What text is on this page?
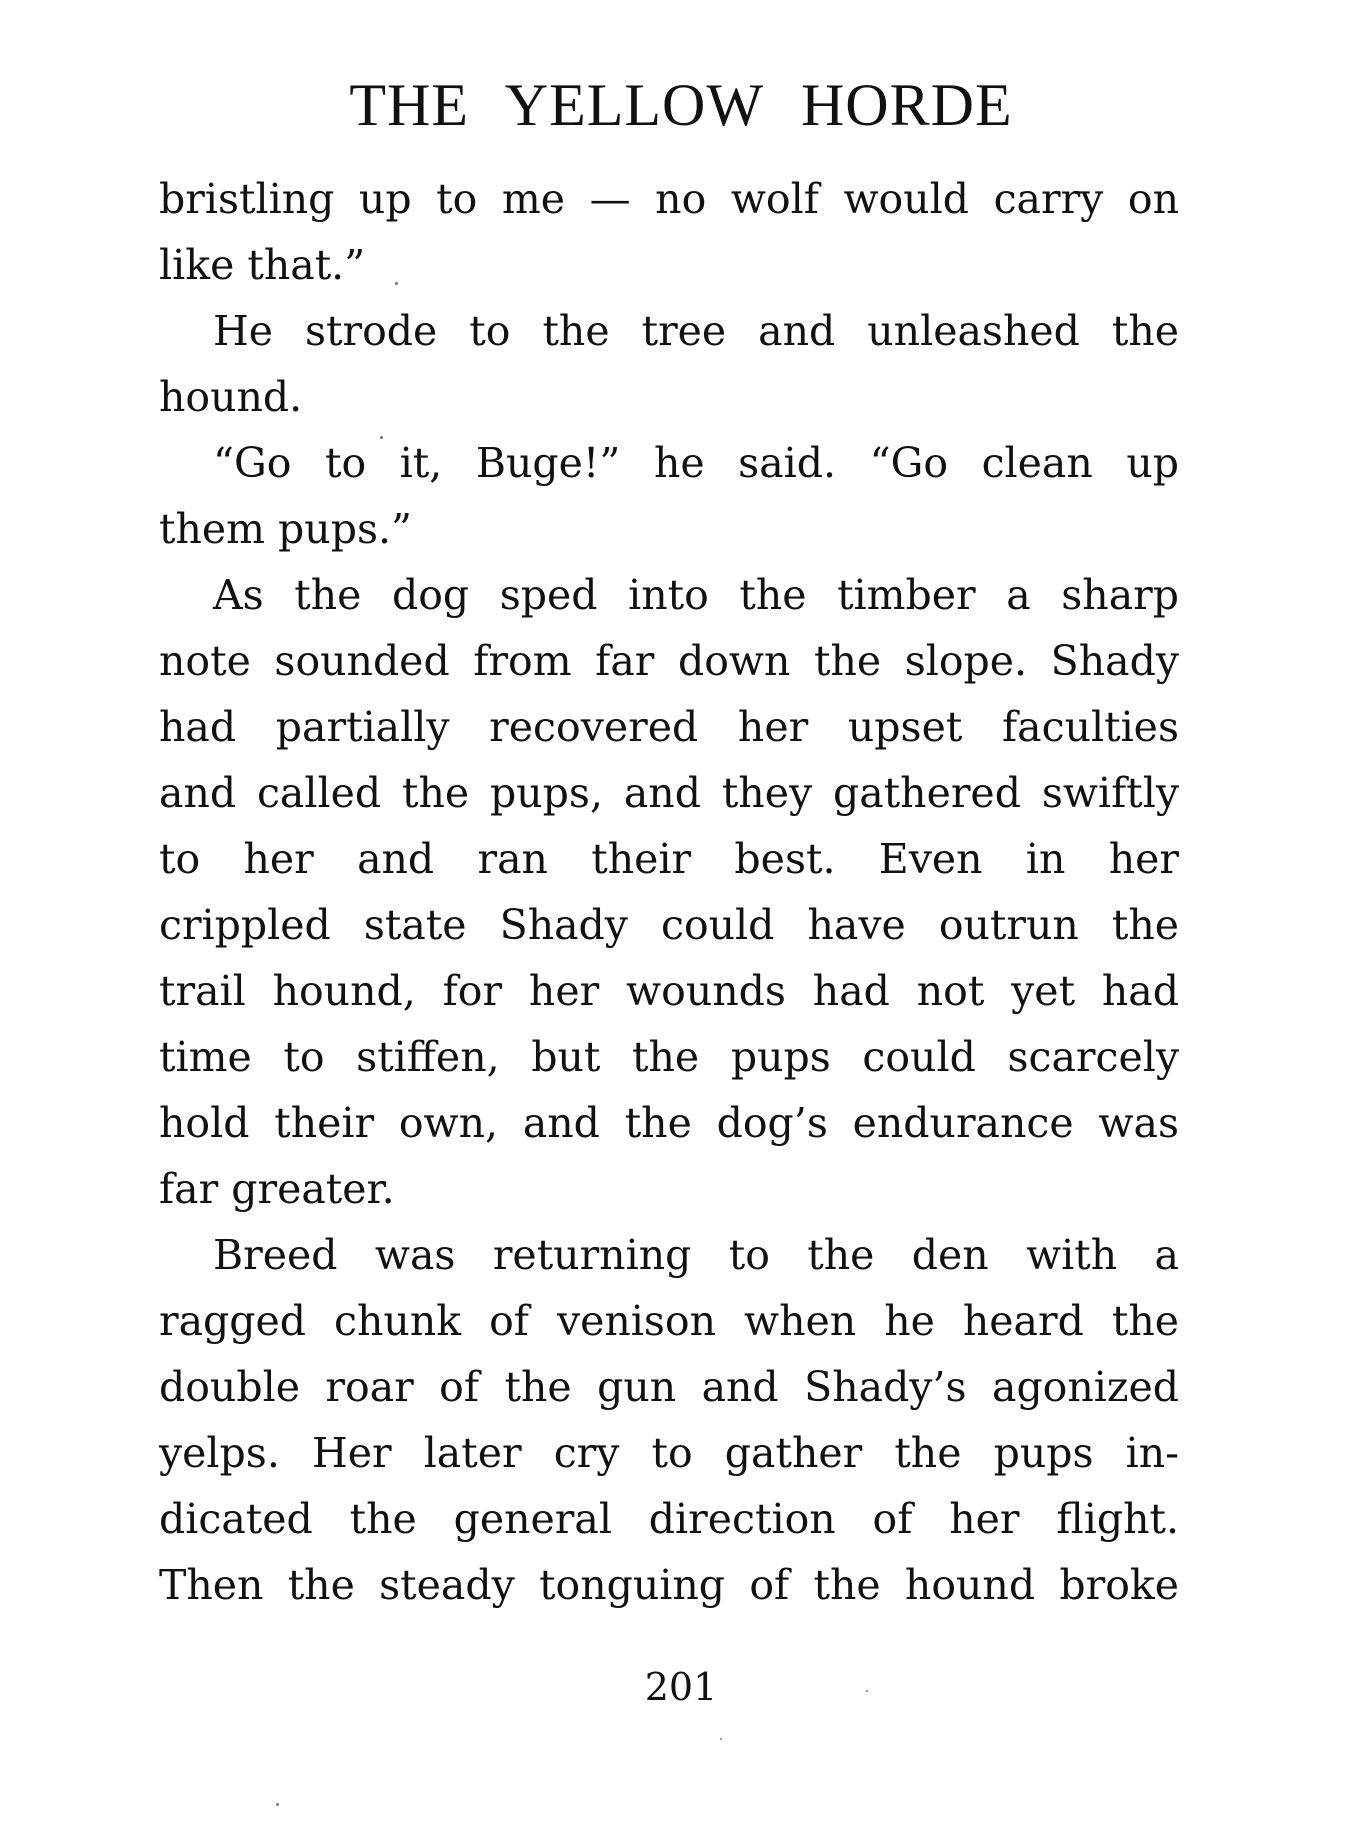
THE YELLOW HORDE
bristling up to me — no wolf would carry on
like that.”
He strode to the tree and unleashed the
hound.
“Go to it, Buge!” he said. “Go clean up
them pups.”
As the dog sped into the timber a sharp
note sounded from far down the slope. Shady
had partially recovered her upset faculties
and called the pups, and they gathered swiftly
to her and ran their best. Even in her
crippled state Shady could have outrun the
trail hound, for her wounds had not yet had
time to stiffen, but the pups could scarcely
hold their own, and the dog’s endurance was
far greater.
Breed was returning to the den with a
ragged chunk of venison when he heard the
double roar of the gun and Shady’s agonized
yelps. Her later cry to gather the pups in-
dicated the general direction of her flight.
Then the steady tonguing of the hound broke
201
